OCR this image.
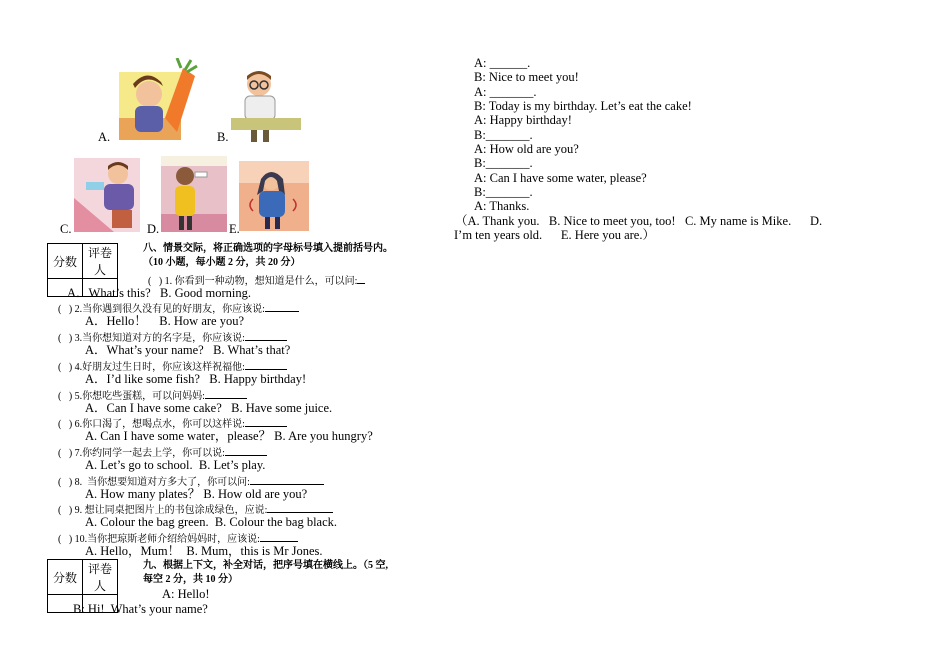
A.	B.
C.	D.	E.
分数	评卷人

八、情景交际，将正确选项的字母标号填入提前括号内。
（10 小题，每小题 2 分，共 20 分）
(   ) 1. 你看到一种动物，想知道是什么，可以问:
A．What’s this?   B. Good morning.
(   ) 2.当你遇到很久没有见的好朋友，你应该说:
A．Hello！    B. How are you?
(   ) 3.当你想知道对方的名字是，你应该说:
A．What’s your name?   B. What’s that?
(   ) 4.好朋友过生日时，你应该这样祝福他:
A．I’d like some fish?   B. Happy birthday!
(   ) 5.你想吃些蛋糕，可以问妈妈:
A．Can I have some cake?   B. Have some juice.
(   ) 6.你口渴了，想喝点水，你可以这样说:
A. Can I have some water，please？ B. Are you hungry?
(   ) 7.你约同学一起去上学，你可以说:
A. Let’s go to school.  B. Let’s play.
(   ) 8.  当你想要知道对方多大了，你可以问:
A. How many plates？ B. How old are you?
(   ) 9. 想让同桌把图片上的书包涂成绿色，应说:
A. Colour the bag green.  B. Colour the bag black.
(   ) 10.当你把琼斯老师介绍给妈妈时，应该说:
A. Hello，Mum！  B. Mum，this is Mr Jones.
分数	评卷人

九、根据上下文，补全对话，把序号填在横线上。（5 空,
每空 2 分，共 10 分）
A: Hello!
B: Hi!  What’s your name?
A: ______.
B: Nice to meet you!
A: _______.
B: Today is my birthday. Let’s eat the cake!
A: Happy birthday!
B:_______.
A: How old are you?
B:_______.
A: Can I have some water, please?
B:_______.
A: Thanks.
（A. Thank you.   B. Nice to meet you, too!   C. My name is Mike.      D.
I’m ten years old.      E. Here you are.）
